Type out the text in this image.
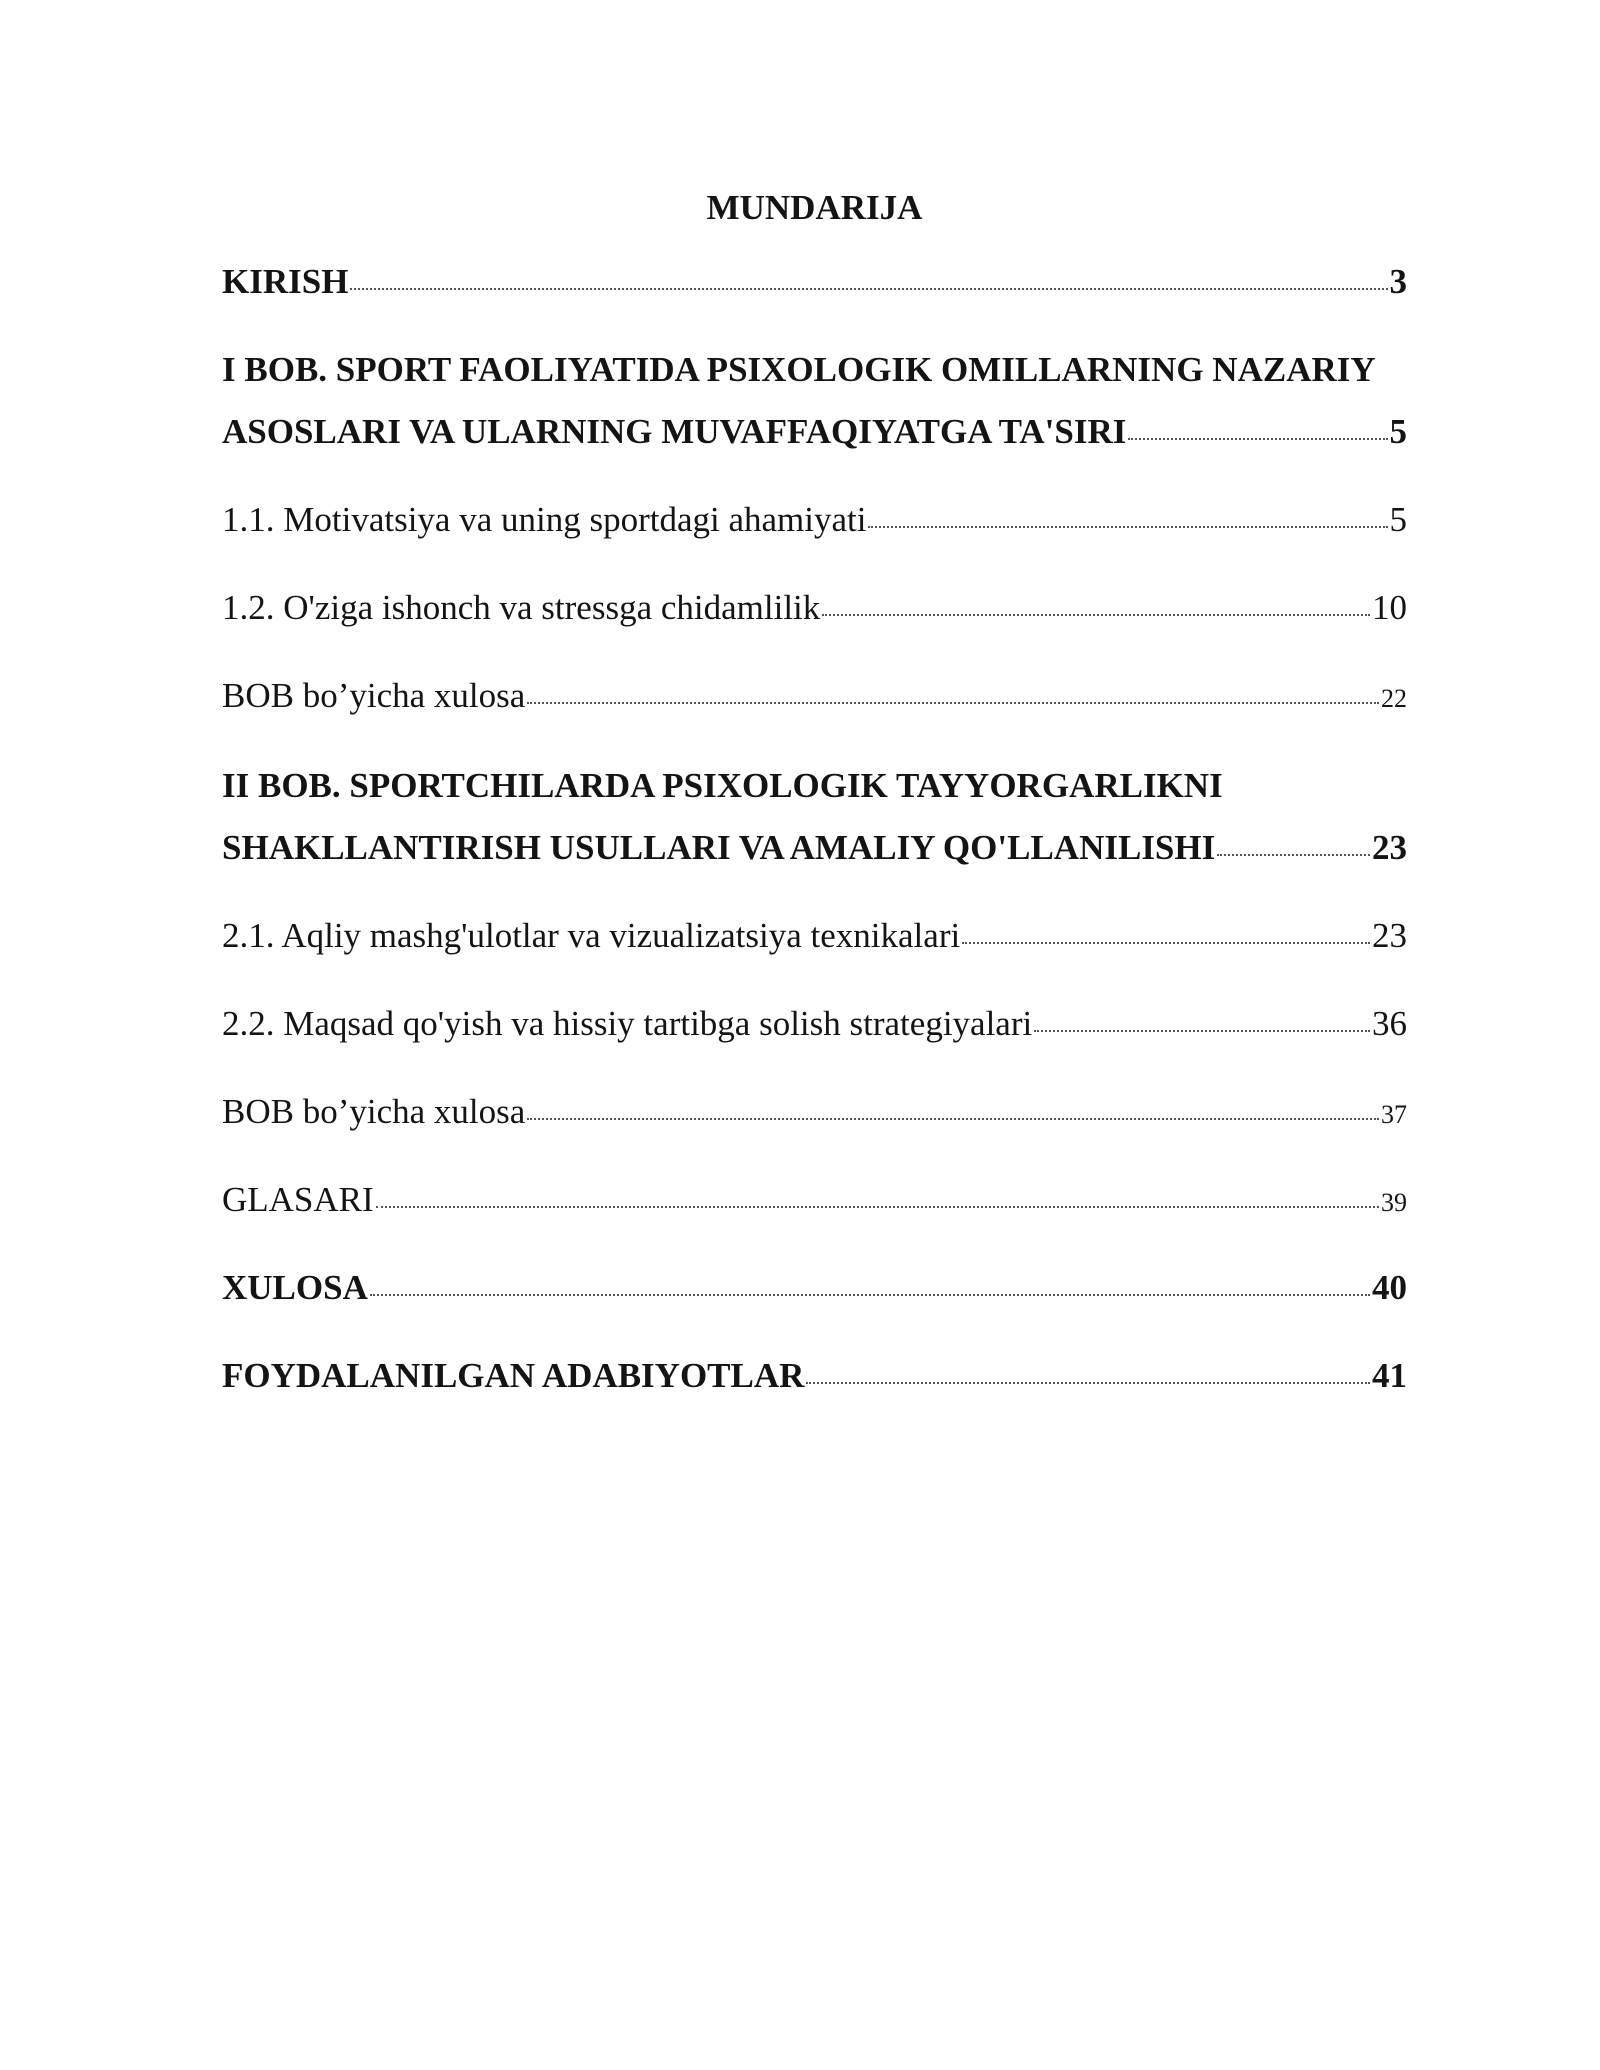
MUNDARIJA
KIRISH	3
I BOB. SPORT FAOLIYATIDA PSIXOLOGIK OMILLARNING NAZARIY
ASOSLARI VA ULARNING MUVAFFAQIYATGA TA'SIRI	5
1.1. Motivatsiya va uning sportdagi ahamiyati	5
1.2. O'ziga ishonch va stressga chidamlilik	10
BOB bo’yicha xulosa	22
II BOB. SPORTCHILARDA PSIXOLOGIK TAYYORGARLIKNI
SHAKLLANTIRISH USULLARI VA AMALIY QO'LLANILISHI	23
2.1. Aqliy mashg'ulotlar va vizualizatsiya texnikalari	23
2.2. Maqsad qo'yish va hissiy tartibga solish strategiyalari	36
BOB bo’yicha xulosa	37
GLASARI	39
XULOSA	40
FOYDALANILGAN ADABIYOTLAR	41
